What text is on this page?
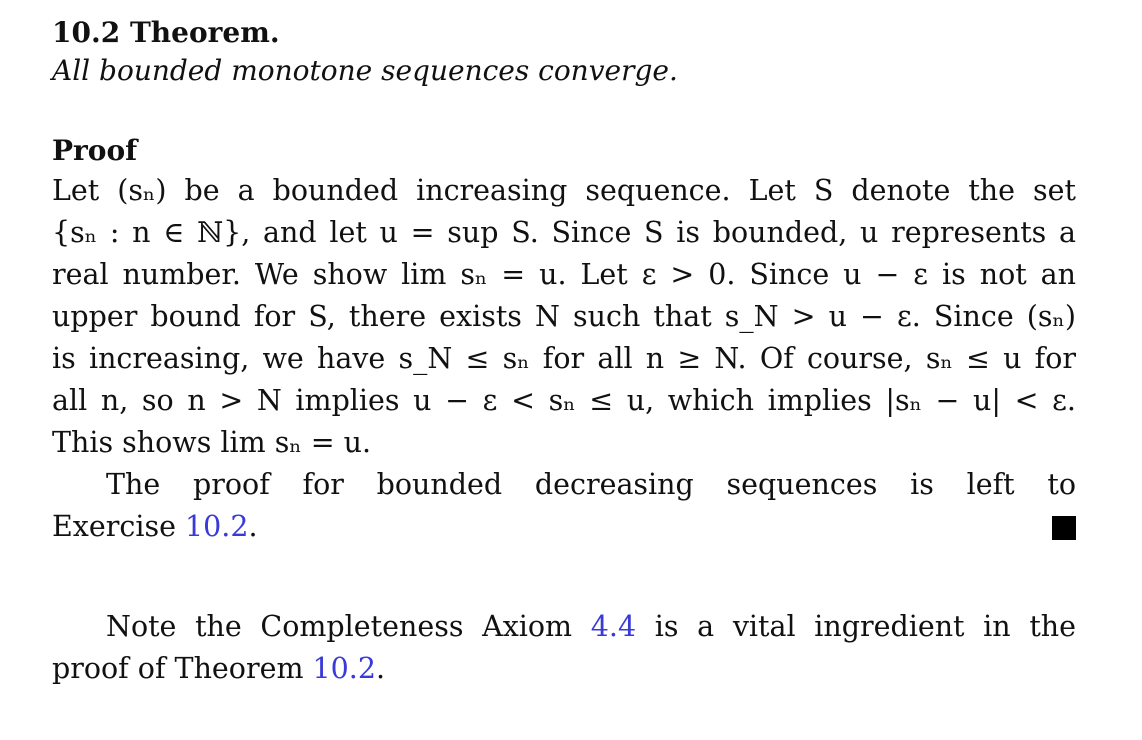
10.2 Theorem.
All bounded monotone sequences converge.
Proof
Let (sₙ) be a bounded increasing sequence. Let S denote the set
{sₙ : n ∈ ℕ}, and let u = sup S. Since S is bounded, u represents a
real number. We show lim sₙ = u. Let ε > 0. Since u − ε is not an
upper bound for S, there exists N such that s_N > u − ε. Since (sₙ)
is increasing, we have s_N ≤ sₙ for all n ≥ N. Of course, sₙ ≤ u for
all n, so n > N implies u − ε < sₙ ≤ u, which implies |sₙ − u| < ε.
This shows lim sₙ = u.
The proof for bounded decreasing sequences is left to
Exercise 10.2.
Note the Completeness Axiom 4.4 is a vital ingredient in the
proof of Theorem 10.2.
